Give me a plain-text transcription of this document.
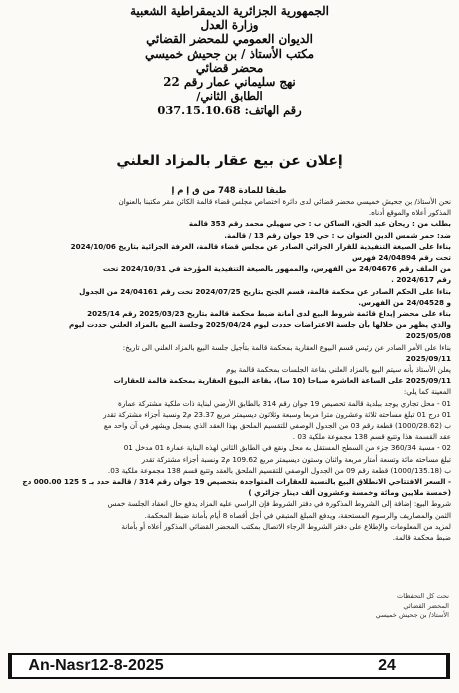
الجمهورية الجزائرية الديمقراطية الشعبية
وزارة العدل
الديوان العمومي للمحضر القضائي
مكتب الأستاذ / بن جحيش خميسي
محضر قضائي
نهج سليماني عمار رقم 22
الطابق الثاني/
رقم الهاتف: 037.15.10.68
إعلان عن بيع عقار بالمزاد العلني
طبقا للمادة 748 من ق إ م إ
نحن الأستاذ/ بن جحيش خميسي محضر قضائي لدى دائرة اختصاص مجلس قضاء قالمة الكائن مقر مكتبنا بالعنوان
المذكور أعلاه والموقع أدناه.
بطلب من : ريحان عبد الحق، الساكن ب : حي سهيلي محمد رقم 353 قالمة
ضد: حمر شمس الدين العنوان ب : حي 19 جوان رقم 13 / قالمة.
بناءا على الصيغة التنفيذية للقرار الجزائي الصادر عن مجلس قضاء قالمة، الغرفة الجزائية بتاريخ 2024/10/06
تحت رقم 24/04894 فهرس
من الملف رقم 24/04676 من الفهرس، والممهور بالصيغة التنفيذية المؤرخة في 2024/10/31 تحت
رقم 2024/617 .
بناءا على الحكم الصادر عن محكمة قالمة، قسم الجنح بتاريخ 2024/07/25 تحت رقم 24/04161 من الجدول
و 24/04528 من الفهرس.
بناء على محضر إيداع قائمة شروط البيع لدى أمانة ضبط محكمة قالمة بتاريخ 2025/03/23 رقم 2025/14
والذي يظهر من خلالها بأن جلسة الاعتراضات حددت ليوم 2025/04/24 وجلسة البيع بالمزاد العلني حددت ليوم
2025/05/08
بناءا على الأمر الصادر عن رئيس قسم البيوع العقارية بمحكمة قالمة بتأجيل جلسة البيع بالمزاد العلني الى تاريخ:
2025/09/11
يعلن الأستاذ بأنه سيتم البيع بالمزاد العلني بقاعة الجلسات بمحكمة قالمة يوم
2025/09/11 على الساعة العاشرة صباحا (10 سا)، بقاعة البيوع العقارية بمحكمة قالمة للعقارات
المعينة كما يلي:
01 - محل تجاري يوجد ببلدية قالمة تحصيص 19 جوان رقم 314 بالطابق الأرضي لبناية ذات ملكية مشتركة عمارة
01 درج 01 تبلغ مساحته ثلاثة وعشرون مترا مربعا وسبعة وثلاثون ديسيمتر مربع 23.37 م2 ونسبة أجزاء مشتركة تقدر
ب (1000/28.62) قطعة رقم 03 من الجدول الوصفي للتقسيم الملحق بهذا العقد الذي يسجل ويشهر في آن واحد مع
عقد القسمة هذا وتتبع قسم 138 مجموعة ملكية 03 .
02 - مسبة 360/34 جزء من السطح المستقل به محل ونقع في الطابق الثاني لهذه البناية عمارة 01 مدخل 01
تبلغ مساحته مائة وتسعة أمتار مربعة واثنان وستون ديسيمتر مربع 109.62 م2 ونسبة أجزاء مشتركة تقدر
ب (1000/135.18) قطعة رقم 09 من الجدول الوصفي للتقسيم الملحق بالعقد وتتبع قسم 138 مجموعة ملكية 03.
- السعر الافتتاحي الانطلاق البيع بالنسبة للعقارات المتواجدة بتحصيص 19 جوان رقم 314 / قالمة حدد بـ 5 125 000.00 دج
(خمسة ملايين ومائة وخمسة وعشرون ألف دينار جزائري )
شروط البيع: إضافة إلى الشروط المذكورة في دفتر الشروط فإن الراسي عليه المزاد يدفع حال انعقاد الجلسة خمس
الثمن والمصاريف والرسوم المستحقة، ويدفع المبلغ المتبقي في أجل أقصاه 8 أيام بأمانة ضبط المحكمة.
لمزيد من المعلومات والإطلاع على دفتر الشروط الرجاء الاتصال بمكتب المحضر القضائي المذكور أعلاه أو بأمانة
ضبط محكمة قالمة.
نحت كل التحفظات
المحضر القضائي
الأستاذ/ بن جحيش خميسي
An-Nasr12-8-2025	24
